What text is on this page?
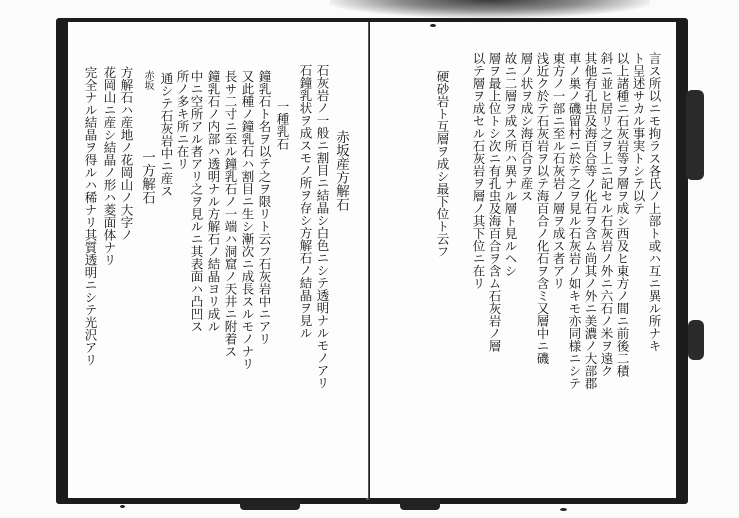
言ス所以ニモ拘ラス各氏ノ上部ト或ハ互ニ異ル所ナキ
ト呈述サカル事実トシテ以テ
以上諸種ニ石灰岩等ヲ層ヲ成シ西及ヒ東方ノ間ニ前後二積
斜ニ並ヒ居リ之ヲ上ニ記セル石灰岩ノ外ニ六石ノ米ヲ遠ク
其他有孔虫及海百合等ノ化石ヲ含ム尚其ノ外ニ美濃ノ大部郡
車ノ巣ノ磯留村ニ於テ之ヲ見ル石灰岩ノ如キモ亦同様ニシテ
東方ノ一部ニ至ル石灰岩ノ層ヲ成ス者アリ
浅近ク於テ石灰岩ヲ以テ海百合ノ化石ヲ含ミ又層中ニ磯
層ノ状ヲ成シ海百合ヲ産ス
故ニ二層ヲ成ス所ハ異ナル層ト見ルヘシ
層ヲ最上位トシ次ニ有孔虫及海百合ヲ含ム石灰岩ノ層
以テ層ヲ成セル石灰岩ヲ層ノ其下位ニ在リ
硬砂岩ト互層ヲ成シ最下位ト云フ
赤坂産方解石
石灰岩ノ一般ニ割目ニ結晶シ白色ニシテ透明ナルモノアリ
石鐘乳状ヲ成スモノ所ヲ存シ方解石ノ結晶ヲ見ル
一種乳石
鐘乳石ト名ヲ以テ之ヲ限リト云フ石灰岩中ニアリ
又此種ノ鐘乳石ハ割目ニ生シ漸次ニ成長スルモノナリ
長サ二寸ニ至ル鐘乳石ノ一端ハ洞窟ノ天井ニ附着ス
鐘乳石ノ内部ハ透明ナル方解石ノ結晶ヨリ成ル
中ニ空所アル者アリ之ヲ見ルニ其表面ハ凸凹ス
所ノ多キ所ニ在リ
通シテ石灰岩中ニ産ス
一方解石
方解石ハ産地ノ花岡山ノ大字ノ
花岡山ニ産シ結晶ノ形ハ菱面体ナリ
完全ナル結晶ヲ得ルハ稀ナリ其質透明ニシテ光沢アリ	赤坂
